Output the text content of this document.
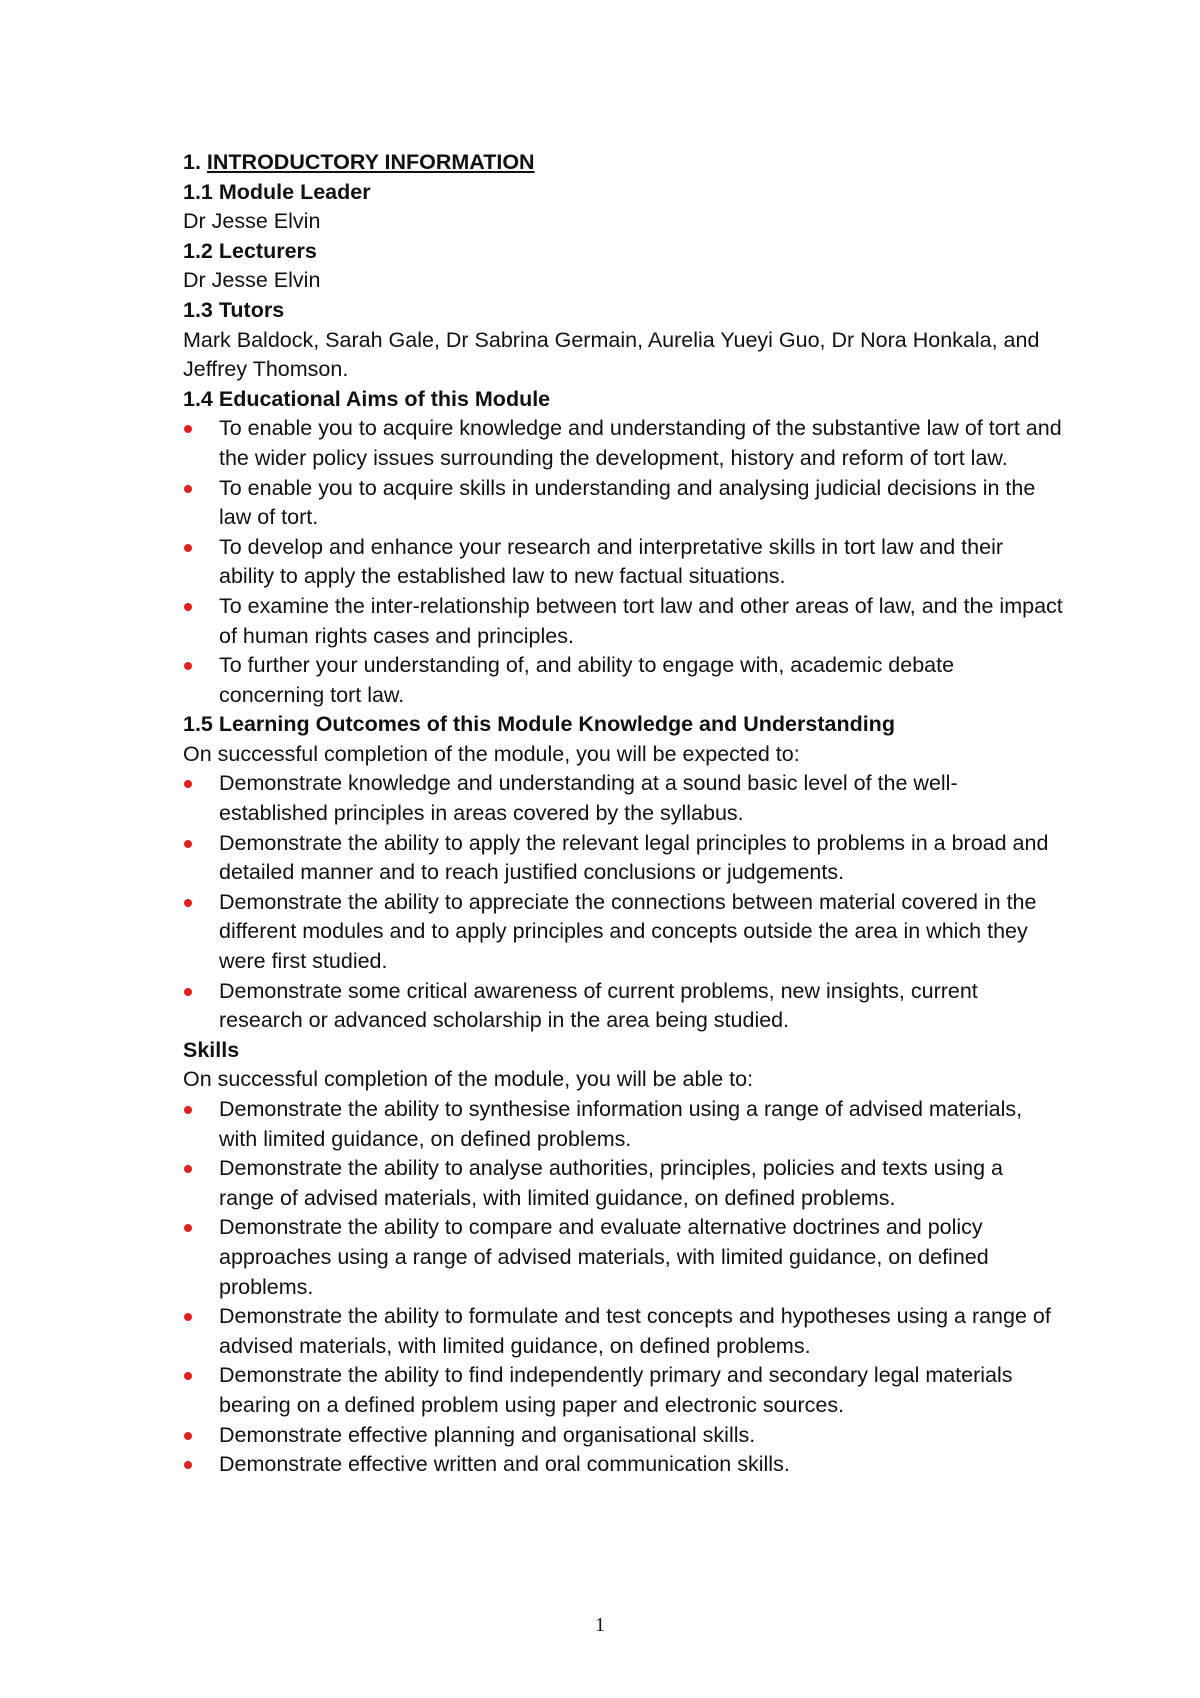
1. INTRODUCTORY INFORMATION
1.1 Module Leader
Dr Jesse Elvin
1.2 Lecturers
Dr Jesse Elvin
1.3 Tutors
Mark Baldock, Sarah Gale, Dr Sabrina Germain, Aurelia Yueyi Guo, Dr Nora Honkala, and Jeffrey Thomson.
1.4 Educational Aims of this Module
To enable you to acquire knowledge and understanding of the substantive law of tort and the wider policy issues surrounding the development, history and reform of tort law.
To enable you to acquire skills in understanding and analysing judicial decisions in the law of tort.
To develop and enhance your research and interpretative skills in tort law and their ability to apply the established law to new factual situations.
To examine the inter-relationship between tort law and other areas of law, and the impact of human rights cases and principles.
To further your understanding of, and ability to engage with, academic debate concerning tort law.
1.5 Learning Outcomes of this Module Knowledge and Understanding
On successful completion of the module, you will be expected to:
Demonstrate knowledge and understanding at a sound basic level of the well-established principles in areas covered by the syllabus.
Demonstrate the ability to apply the relevant legal principles to problems in a broad and detailed manner and to reach justified conclusions or judgements.
Demonstrate the ability to appreciate the connections between material covered in the different modules and to apply principles and concepts outside the area in which they were first studied.
Demonstrate some critical awareness of current problems, new insights, current research or advanced scholarship in the area being studied.
Skills
On successful completion of the module, you will be able to:
Demonstrate the ability to synthesise information using a range of advised materials, with limited guidance, on defined problems.
Demonstrate the ability to analyse authorities, principles, policies and texts using a range of advised materials, with limited guidance, on defined problems.
Demonstrate the ability to compare and evaluate alternative doctrines and policy approaches using a range of advised materials, with limited guidance, on defined problems.
Demonstrate the ability to formulate and test concepts and hypotheses using a range of advised materials, with limited guidance, on defined problems.
Demonstrate the ability to find independently primary and secondary legal materials bearing on a defined problem using paper and electronic sources.
Demonstrate effective planning and organisational skills.
Demonstrate effective written and oral communication skills.
1
